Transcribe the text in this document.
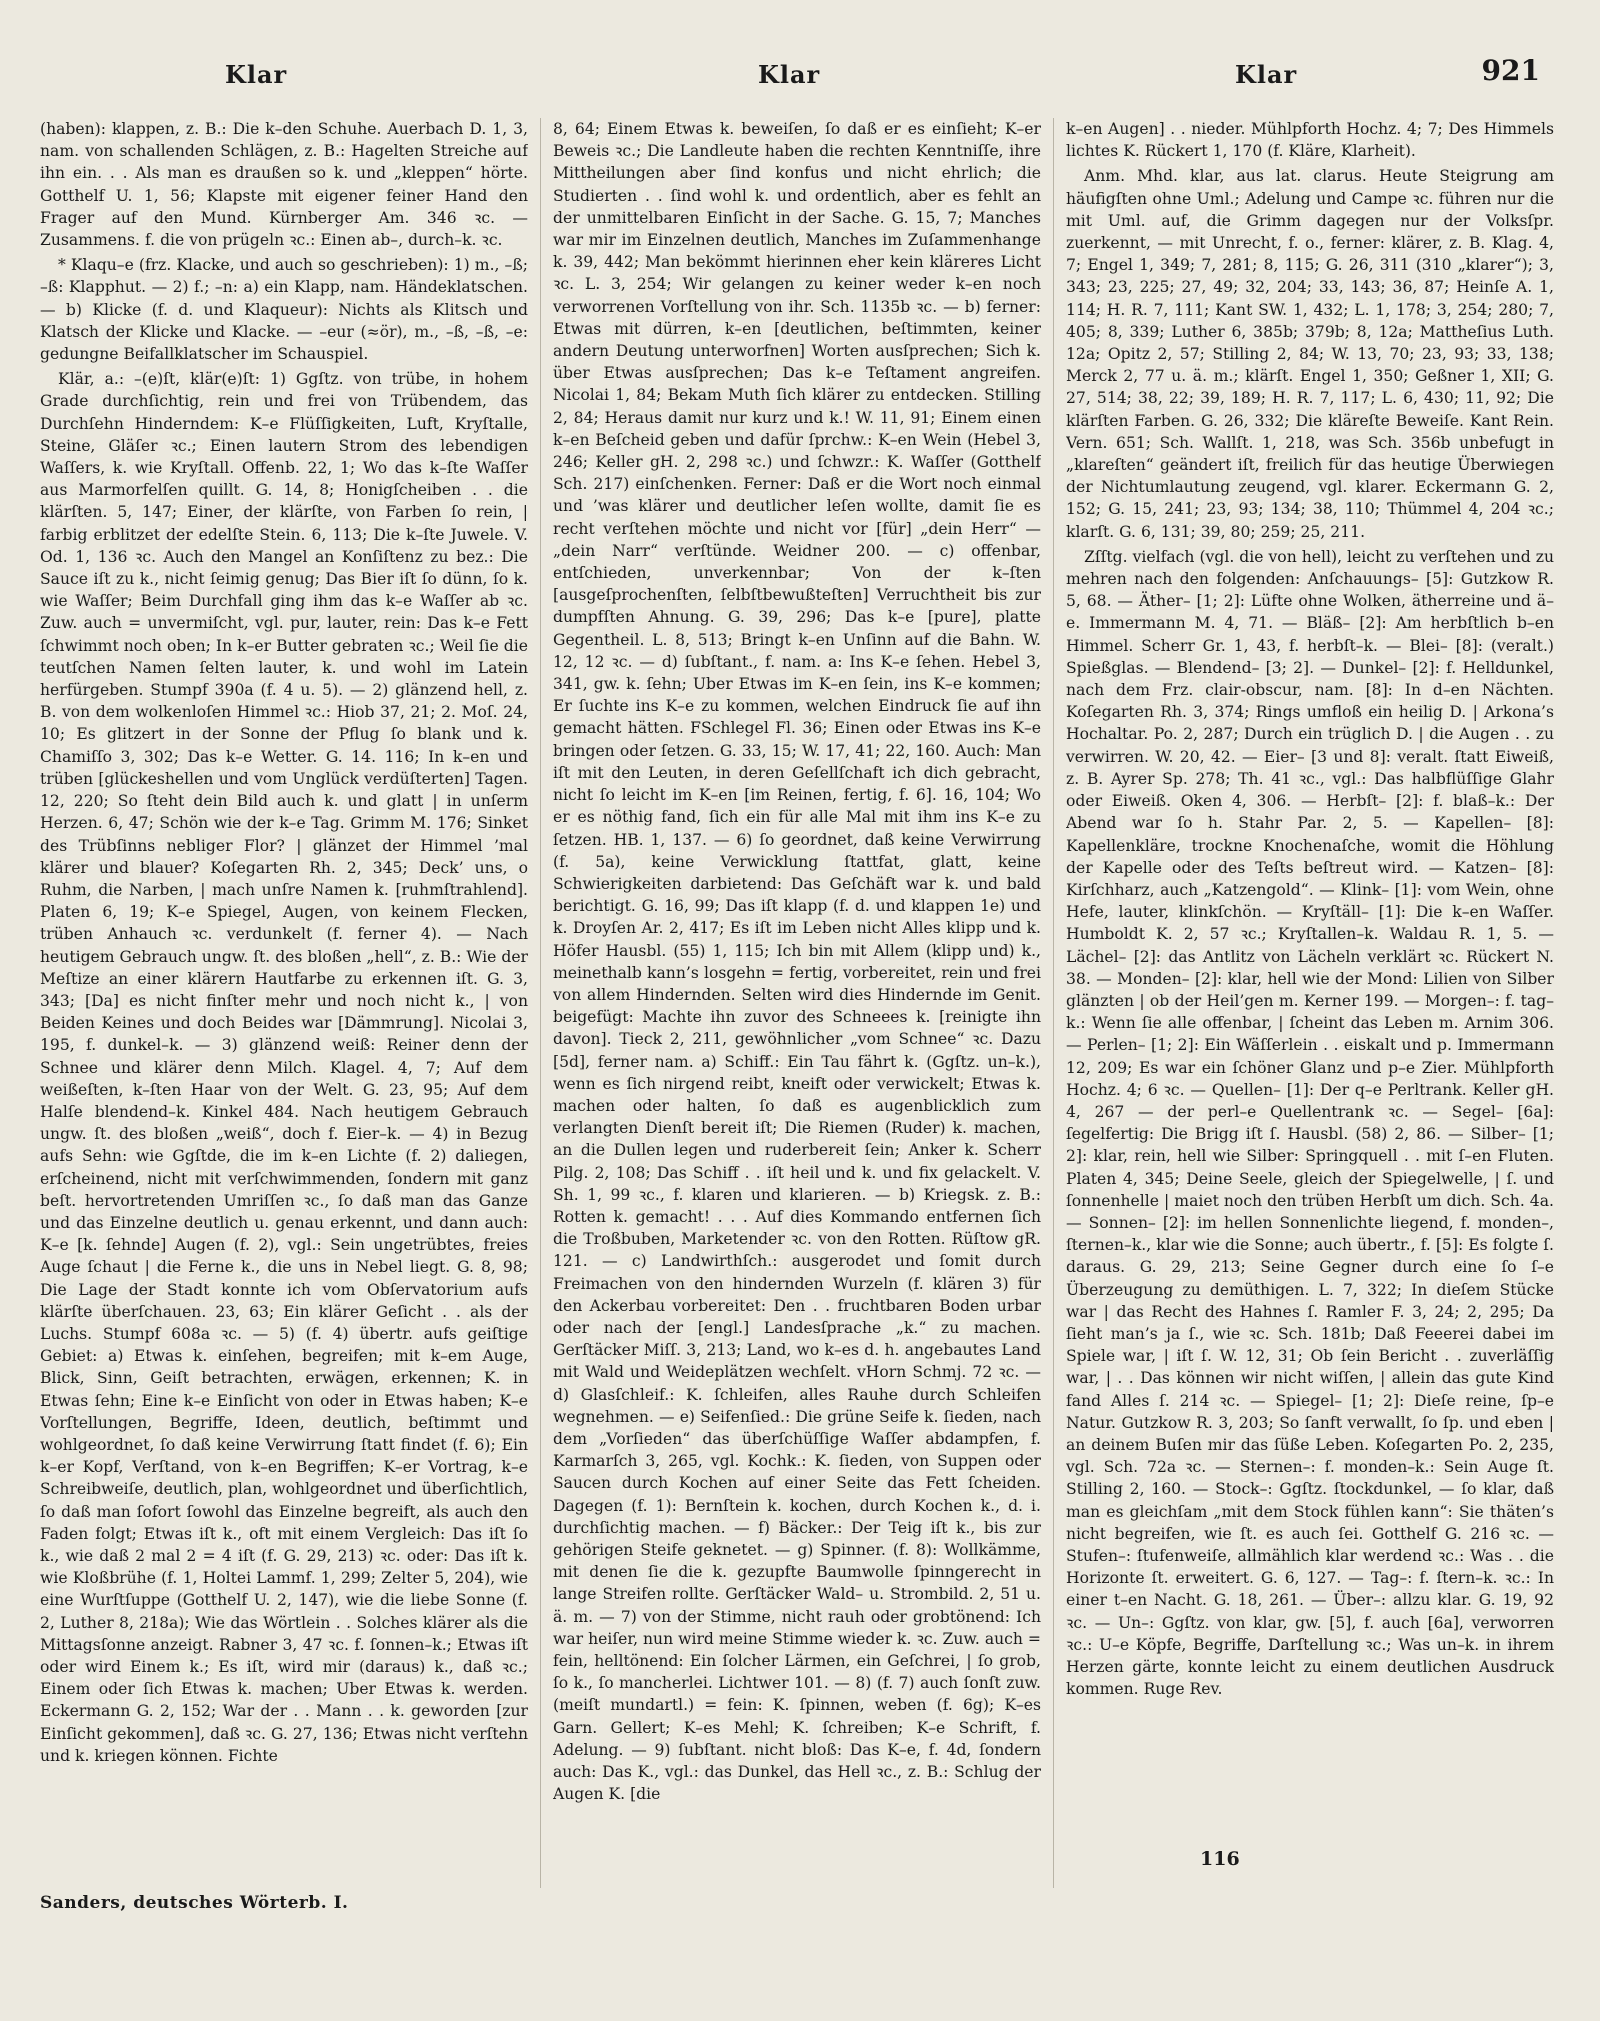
Klar	Klar	Klar	921

(haben): klappen, z. B.: Die k–den Schuhe. Auerbach D. 1, 3, nam. von schallenden Schlägen, z. B.: Hagelten Streiche auf ihn ein. . . Als man es draußen so k. und „kleppen“ hörte. Gotthelf U. 1, 56; Klapste mit eigener feiner Hand den Frager auf den Mund. Kürnberger Am. 346 ꝛc. — Zusammens. f. die von prügeln ꝛc.: Einen ab–, durch–k. ꝛc.

* Klaqu–e (frz. Klacke, und auch so geschrieben): 1) m., –ß; –ß: Klapphut. — 2) f.; –n: a) ein Klapp, nam. Händeklatschen. — b) Klicke (f. d. und Klaqueur): Nichts als Klitsch und Klatsch der Klicke und Klacke. — –eur (≈ör), m., –ß, –ß, –e: gedungne Beifallklatscher im Schauspiel.

Klär, a.: –(e)ſt, klär(e)ſt: 1) Ggſtz. von trübe, in hohem Grade durchſichtig, rein und frei von Trübendem, das Durchſehn Hinderndem: K–e Flüſſigkeiten, Luft, Kryſtalle, Steine, Gläſer ꝛc.; Einen lautern Strom des lebendigen Waſſers, k. wie Kryſtall. Offenb. 22, 1; Wo das k–ſte Waſſer aus Marmorfelſen quillt. G. 14, 8; Honigſcheiben . . die klärſten. 5, 147; Einer, der klärſte, von Farben ſo rein, | farbig erblitzet der edelſte Stein. 6, 113; Die k–ſte Juwele. V. Od. 1, 136 ꝛc. Auch den Mangel an Konſiſtenz zu bez.: Die Sauce iſt zu k., nicht ſeimig genug; Das Bier iſt ſo dünn, ſo k. wie Waſſer; Beim Durchfall ging ihm das k–e Waſſer ab ꝛc. Zuw. auch = unvermiſcht, vgl. pur, lauter, rein: Das k–e Fett ſchwimmt noch oben; In k–er Butter gebraten ꝛc.; Weil ſie die teutſchen Namen ſelten lauter, k. und wohl im Latein herfürgeben. Stumpf 390a (f. 4 u. 5). — 2) glänzend hell, z. B. von dem wolkenloſen Himmel ꝛc.: Hiob 37, 21; 2. Moſ. 24, 10; Es glitzert in der Sonne der Pflug ſo blank und k. Chamiſſo 3, 302; Das k–e Wetter. G. 14. 116; In k–en und trüben [glückeshellen und vom Unglück verdüſterten] Tagen. 12, 220; So ſteht dein Bild auch k. und glatt | in unſerm Herzen. 6, 47; Schön wie der k–e Tag. Grimm M. 176; Sinket des Trübſinns nebliger Flor? | glänzet der Himmel ’mal klärer und blauer? Koſegarten Rh. 2, 345; Deck’ uns, o Ruhm, die Narben, | mach unſre Namen k. [ruhmſtrahlend]. Platen 6, 19; K–e Spiegel, Augen, von keinem Flecken, trüben Anhauch ꝛc. verdunkelt (f. ferner 4). — Nach heutigem Gebrauch ungw. ſt. des bloßen „hell“, z. B.: Wie der Meſtize an einer klärern Hautfarbe zu erkennen iſt. G. 3, 343; [Da] es nicht finſter mehr und noch nicht k., | von Beiden Keines und doch Beides war [Dämmrung]. Nicolai 3, 195, f. dunkel–k. — 3) glänzend weiß: Reiner denn der Schnee und klärer denn Milch. Klagel. 4, 7; Auf dem weißeſten, k–ſten Haar von der Welt. G. 23, 95; Auf dem Halſe blendend–k. Kinkel 484. Nach heutigem Gebrauch ungw. ſt. des bloßen „weiß“, doch f. Eier–k. — 4) in Bezug aufs Sehn: wie Ggſtde, die im k–en Lichte (f. 2) daliegen, erſcheinend, nicht mit verſchwimmenden, ſondern mit ganz beſt. hervortretenden Umriſſen ꝛc., ſo daß man das Ganze und das Einzelne deutlich u. genau erkennt, und dann auch: K–e [k. ſehnde] Augen (f. 2), vgl.: Sein ungetrübtes, freies Auge ſchaut | die Ferne k., die uns in Nebel liegt. G. 8, 98; Die Lage der Stadt konnte ich vom Obſervatorium aufs klärſte überſchauen. 23, 63; Ein klärer Geſicht . . als der Luchs. Stumpf 608a ꝛc. — 5) (f. 4) übertr. aufs geiſtige Gebiet: a) Etwas k. einſehen, begreifen; mit k–em Auge, Blick, Sinn, Geiſt betrachten, erwägen, erkennen; K. in Etwas ſehn; Eine k–e Einſicht von oder in Etwas haben; K–e Vorſtellungen, Begriffe, Ideen, deutlich, beſtimmt und wohlgeordnet, ſo daß keine Verwirrung ſtatt findet (f. 6); Ein k–er Kopf, Verſtand, von k–en Begriffen; K–er Vortrag, k–e Schreibweiſe, deutlich, plan, wohlgeordnet und überſichtlich, ſo daß man ſofort ſowohl das Einzelne begreift, als auch den Faden folgt; Etwas iſt k., oft mit einem Vergleich: Das iſt ſo k., wie daß 2 mal 2 = 4 iſt (f. G. 29, 213) ꝛc. oder: Das iſt k. wie Kloßbrühe (f. 1, Holtei Lammf. 1, 299; Zelter 5, 204), wie eine Wurſtſuppe (Gotthelf U. 2, 147), wie die liebe Sonne (f. 2, Luther 8, 218a); Wie das Wörtlein . . Solches klärer als die Mittagsſonne anzeigt. Rabner 3, 47 ꝛc. f. ſonnen–k.; Etwas iſt oder wird Einem k.; Es iſt, wird mir (daraus) k., daß ꝛc.; Einem oder ſich Etwas k. machen; Uber Etwas k. werden. Eckermann G. 2, 152; War der . . Mann . . k. geworden [zur Einſicht gekommen], daß ꝛc. G. 27, 136; Etwas nicht verſtehn und k. kriegen können. Fichte

8, 64; Einem Etwas k. beweiſen, ſo daß er es einſieht; K–er Beweis ꝛc.; Die Landleute haben die rechten Kenntniſſe, ihre Mittheilungen aber ſind konfus und nicht ehrlich; die Studierten . . ſind wohl k. und ordentlich, aber es fehlt an der unmittelbaren Einſicht in der Sache. G. 15, 7; Manches war mir im Einzelnen deutlich, Manches im Zuſammenhange k. 39, 442; Man bekömmt hierinnen eher kein kläreres Licht ꝛc. L. 3, 254; Wir gelangen zu keiner weder k–en noch verworrenen Vorſtellung von ihr. Sch. 1135b ꝛc. — b) ferner: Etwas mit dürren, k–en [deutlichen, beſtimmten, keiner andern Deutung unterworfnen] Worten ausſprechen; Sich k. über Etwas ausſprechen; Das k–e Teſtament angreifen. Nicolai 1, 84; Bekam Muth ſich klärer zu entdecken. Stilling 2, 84; Heraus damit nur kurz und k.! W. 11, 91; Einem einen k–en Beſcheid geben und dafür ſprchw.: K–en Wein (Hebel 3, 246; Keller gH. 2, 298 ꝛc.) und ſchwzr.: K. Waſſer (Gotthelf Sch. 217) einſchenken. Ferner: Daß er die Wort noch einmal und ’was klärer und deutlicher leſen wollte, damit ſie es recht verſtehen möchte und nicht vor [für] „dein Herr“ — „dein Narr“ verſtünde. Weidner 200. — c) offenbar, entſchieden, unverkennbar; Von der k–ſten [ausgeſprochenſten, ſelbſtbewußteſten] Verruchtheit bis zur dumpfſten Ahnung. G. 39, 296; Das k–e [pure], platte Gegentheil. L. 8, 513; Bringt k–en Unſinn auf die Bahn. W. 12, 12 ꝛc. — d) ſubſtant., f. nam. a: Ins K–e ſehen. Hebel 3, 341, gw. k. ſehn; Uber Etwas im K–en ſein, ins K–e kommen; Er ſuchte ins K–e zu kommen, welchen Eindruck ſie auf ihn gemacht hätten. FSchlegel Fl. 36; Einen oder Etwas ins K–e bringen oder ſetzen. G. 33, 15; W. 17, 41; 22, 160. Auch: Man iſt mit den Leuten, in deren Geſellſchaft ich dich gebracht, nicht ſo leicht im K–en [im Reinen, fertig, f. 6]. 16, 104; Wo er es nöthig fand, ſich ein für alle Mal mit ihm ins K–e zu ſetzen. HB. 1, 137. — 6) ſo geordnet, daß keine Verwirrung (f. 5a), keine Verwicklung ſtattfat, glatt, keine Schwierigkeiten darbietend: Das Geſchäft war k. und bald berichtigt. G. 16, 99; Das iſt klapp (f. d. und klappen 1e) und k. Droyſen Ar. 2, 417; Es iſt im Leben nicht Alles klipp und k. Höfer Hausbl. (55) 1, 115; Ich bin mit Allem (klipp und) k., meinethalb kann’s losgehn = fertig, vorbereitet, rein und frei von allem Hindernden. Selten wird dies Hindernde im Genit. beigefügt: Machte ihn zuvor des Schneees k. [reinigte ihn davon]. Tieck 2, 211, gewöhnlicher „vom Schnee“ ꝛc. Dazu [5d], ferner nam. a) Schiff.: Ein Tau fährt k. (Ggſtz. un–k.), wenn es ſich nirgend reibt, kneift oder verwickelt; Etwas k. machen oder halten, ſo daß es augenblicklich zum verlangten Dienſt bereit iſt; Die Riemen (Ruder) k. machen, an die Dullen legen und ruderbereit ſein; Anker k. Scherr Pilg. 2, 108; Das Schiff . . iſt heil und k. und fix gelackelt. V. Sh. 1, 99 ꝛc., f. klaren und klarieren. — b) Kriegsk. z. B.: Rotten k. gemacht! . . . Auf dies Kommando entfernen ſich die Troßbuben, Marketender ꝛc. von den Rotten. Rüſtow gR. 121. — c) Landwirthſch.: ausgerodet und ſomit durch Freimachen von den hindernden Wurzeln (f. klären 3) für den Ackerbau vorbereitet: Den . . fruchtbaren Boden urbar oder nach der [engl.] Landesſprache „k.“ zu machen. Gerſtäcker Miſſ. 3, 213; Land, wo k–es d. h. angebautes Land mit Wald und Weideplätzen wechſelt. vHorn Schmj. 72 ꝛc. — d) Glasſchleif.: K. ſchleifen, alles Rauhe durch Schleifen wegnehmen. — e) Seifenſied.: Die grüne Seife k. ſieden, nach dem „Vorſieden“ das überſchüſſige Waſſer abdampfen, f. Karmarſch 3, 265, vgl. Kochk.: K. ſieden, von Suppen oder Saucen durch Kochen auf einer Seite das Fett ſcheiden. Dagegen (f. 1): Bernſtein k. kochen, durch Kochen k., d. i. durchſichtig machen. — f) Bäcker.: Der Teig iſt k., bis zur gehörigen Steife geknetet. — g) Spinner. (f. 8): Wollkämme, mit denen ſie die k. gezupfte Baumwolle ſpinngerecht in lange Streifen rollte. Gerſtäcker Wald– u. Strombild. 2, 51 u. ä. m. — 7) von der Stimme, nicht rauh oder grobtönend: Ich war heiſer, nun wird meine Stimme wieder k. ꝛc. Zuw. auch = fein, helltönend: Ein ſolcher Lärmen, ein Geſchrei, | ſo grob, ſo k., ſo mancherlei. Lichtwer 101. — 8) (f. 7) auch ſonſt zuw. (meiſt mundartl.) = fein: K. ſpinnen, weben (f. 6g); K–es Garn. Gellert; K–es Mehl; K. ſchreiben; K–e Schrift, f. Adelung. — 9) ſubſtant. nicht bloß: Das K–e, f. 4d, ſondern auch: Das K., vgl.: das Dunkel, das Hell ꝛc., z. B.: Schlug der Augen K. [die

k–en Augen] . . nieder. Mühlpforth Hochz. 4; 7; Des Himmels lichtes K. Rückert 1, 170 (f. Kläre, Klarheit).

Anm. Mhd. klar, aus lat. clarus. Heute Steigrung am häufigſten ohne Uml.; Adelung und Campe ꝛc. führen nur die mit Uml. auf, die Grimm dagegen nur der Volksſpr. zuerkennt, — mit Unrecht, f. o., ferner: klärer, z. B. Klag. 4, 7; Engel 1, 349; 7, 281; 8, 115; G. 26, 311 (310 „klarer“); 3, 343; 23, 225; 27, 49; 32, 204; 33, 143; 36, 87; Heinſe A. 1, 114; H. R. 7, 111; Kant SW. 1, 432; L. 1, 178; 3, 254; 280; 7, 405; 8, 339; Luther 6, 385b; 379b; 8, 12a; Mattheſius Luth. 12a; Opitz 2, 57; Stilling 2, 84; W. 13, 70; 23, 93; 33, 138; Merck 2, 77 u. ä. m.; klärſt. Engel 1, 350; Geßner 1, XII; G. 27, 514; 38, 22; 39, 189; H. R. 7, 117; L. 6, 430; 11, 92; Die klärſten Farben. G. 26, 332; Die kläreſte Beweiſe. Kant Rein. Vern. 651; Sch. Wallſt. 1, 218, was Sch. 356b unbefugt in „klareſten“ geändert iſt, freilich für das heutige Überwiegen der Nichtumlautung zeugend, vgl. klarer. Eckermann G. 2, 152; G. 15, 241; 23, 93; 134; 38, 110; Thümmel 4, 204 ꝛc.; klarſt. G. 6, 131; 39, 80; 259; 25, 211.

Zſſtg. vielfach (vgl. die von hell), leicht zu verſtehen und zu mehren nach den folgenden: Anſchauungs– [5]: Gutzkow R. 5, 68. — Äther– [1; 2]: Lüfte ohne Wolken, ätherreine und ä–e. Immermann M. 4, 71. — Bläß– [2]: Am herbſtlich b–en Himmel. Scherr Gr. 1, 43, f. herbſt–k. — Blei– [8]: (veralt.) Spießglas. — Blendend– [3; 2]. — Dunkel– [2]: f. Helldunkel, nach dem Frz. clair-obscur, nam. [8]: In d–en Nächten. Koſegarten Rh. 3, 374; Rings umfloß ein heilig D. | Arkona’s Hochaltar. Po. 2, 287; Durch ein trüglich D. | die Augen . . zu verwirren. W. 20, 42. — Eier– [3 und 8]: veralt. ſtatt Eiweiß, z. B. Ayrer Sp. 278; Th. 41 ꝛc., vgl.: Das halbflüſſige Glahr oder Eiweiß. Oken 4, 306. — Herbſt– [2]: f. blaß–k.: Der Abend war ſo h. Stahr Par. 2, 5. — Kapellen– [8]: Kapellenkläre, trockne Knochenaſche, womit die Höhlung der Kapelle oder des Teſts beſtreut wird. — Katzen– [8]: Kirſchharz, auch „Katzengold“. — Klink– [1]: vom Wein, ohne Hefe, lauter, klinkſchön. — Kryſtäll– [1]: Die k–en Waſſer. Humboldt K. 2, 57 ꝛc.; Kryſtallen–k. Waldau R. 1, 5. — Lächel– [2]: das Antlitz von Lächeln verklärt ꝛc. Rückert N. 38. — Monden– [2]: klar, hell wie der Mond: Lilien von Silber glänzten | ob der Heil’gen m. Kerner 199. — Morgen–: f. tag–k.: Wenn ſie alle offenbar, | ſcheint das Leben m. Arnim 306. — Perlen– [1; 2]: Ein Wäſſerlein . . eiskalt und p. Immermann 12, 209; Es war ein ſchöner Glanz und p–e Zier. Mühlpforth Hochz. 4; 6 ꝛc. — Quellen– [1]: Der q–e Perltrank. Keller gH. 4, 267 — der perl–e Quellentrank ꝛc. — Segel– [6a]: ſegelfertig: Die Brigg iſt ſ. Hausbl. (58) 2, 86. — Silber– [1; 2]: klar, rein, hell wie Silber: Springquell . . mit ſ–en Fluten. Platen 4, 345; Deine Seele, gleich der Spiegelwelle, | ſ. und ſonnenhelle | maiet noch den trüben Herbſt um dich. Sch. 4a. — Sonnen– [2]: im hellen Sonnenlichte liegend, f. monden–, ſternen–k., klar wie die Sonne; auch übertr., f. [5]: Es folgte ſ. daraus. G. 29, 213; Seine Gegner durch eine ſo ſ–e Überzeugung zu demüthigen. L. 7, 322; In dieſem Stücke war | das Recht des Hahnes ſ. Ramler F. 3, 24; 2, 295; Da ſieht man’s ja ſ., wie ꝛc. Sch. 181b; Daß Feeerei dabei im Spiele war, | iſt ſ. W. 12, 31; Ob ſein Bericht . . zuverläſſig war, | . . Das können wir nicht wiſſen, | allein das gute Kind fand Alles ſ. 214 ꝛc. — Spiegel– [1; 2]: Dieſe reine, ſp–e Natur. Gutzkow R. 3, 203; So ſanft verwallt, ſo ſp. und eben | an deinem Buſen mir das ſüße Leben. Koſegarten Po. 2, 235, vgl. Sch. 72a ꝛc. — Sternen–: f. monden–k.: Sein Auge ſt. Stilling 2, 160. — Stock–: Ggſtz. ſtockdunkel, — ſo klar, daß man es gleichſam „mit dem Stock fühlen kann“: Sie thäten’s nicht begreifen, wie ſt. es auch ſei. Gotthelf G. 216 ꝛc. — Stufen–: ſtufenweiſe, allmählich klar werdend ꝛc.: Was . . die Horizonte ſt. erweitert. G. 6, 127. — Tag–: f. ſtern–k. ꝛc.: In einer t–en Nacht. G. 18, 261. — Über–: allzu klar. G. 19, 92 ꝛc. — Un–: Ggſtz. von klar, gw. [5], f. auch [6a], verworren ꝛc.: U–e Köpfe, Begriffe, Darſtellung ꝛc.; Was un–k. in ihrem Herzen gärte, konnte leicht zu einem deutlichen Ausdruck kommen. Ruge Rev.

Sanders, deutsches Wörterb. I.
116
